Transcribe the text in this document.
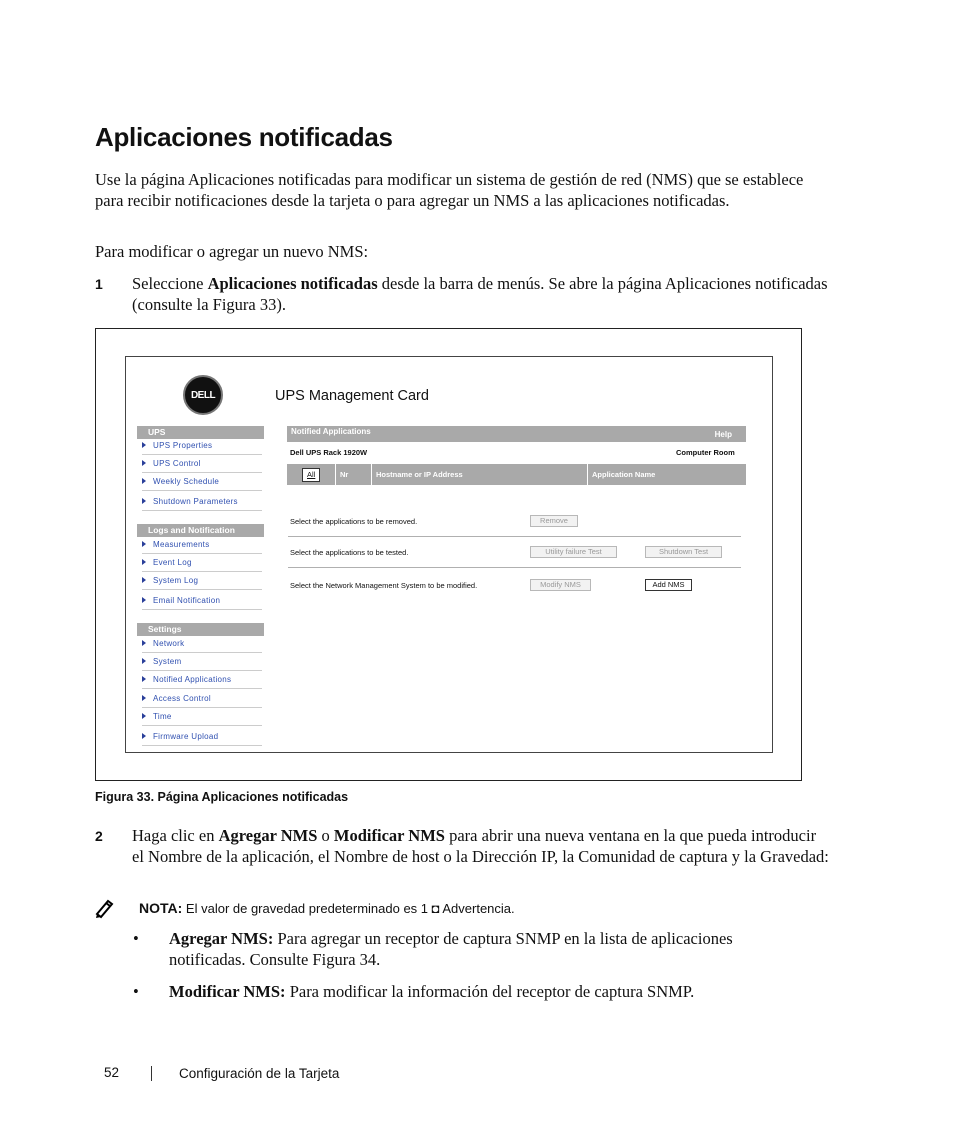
Aplicaciones notificadas
Use la página Aplicaciones notificadas para modificar un sistema de gestión de red (NMS) que se establece para recibir notificaciones desde la tarjeta o para agregar un NMS a las aplicaciones notificadas.
Para modificar o agregar un nuevo NMS:
1 Seleccione Aplicaciones notificadas desde la barra de menús. Se abre la página Aplicaciones notificadas (consulte la Figura 33).
DELL	UPS Management Card
UPS
UPS Properties
UPS Control
Weekly Schedule
Shutdown Parameters
Logs and Notification
Measurements
Event Log
System Log
Email Notification
Settings
Network
System
Notified Applications
Access Control
Time
Firmware Upload
Notified Applications	Help
Dell UPS Rack 1920W	Computer Room
All	Nr	Hostname or IP Address	Application Name
Select the applications to be removed.	Remove
Select the applications to be tested.	Utility failure Test	Shutdown Test
Select the Network Management System to be modified.	Modify NMS	Add NMS
Figura 33. Página Aplicaciones notificadas
2 Haga clic en Agregar NMS o Modificar NMS para abrir una nueva ventana en la que pueda introducir el Nombre de la aplicación, el Nombre de host o la Dirección IP, la Comunidad de captura y la Gravedad:
NOTA: El valor de gravedad predeterminado es 1 ◘ Advertencia.
• Agregar NMS: Para agregar un receptor de captura SNMP en la lista de aplicaciones notificadas. Consulte Figura 34.
• Modificar NMS: Para modificar la información del receptor de captura SNMP.
52	Configuración de la Tarjeta
